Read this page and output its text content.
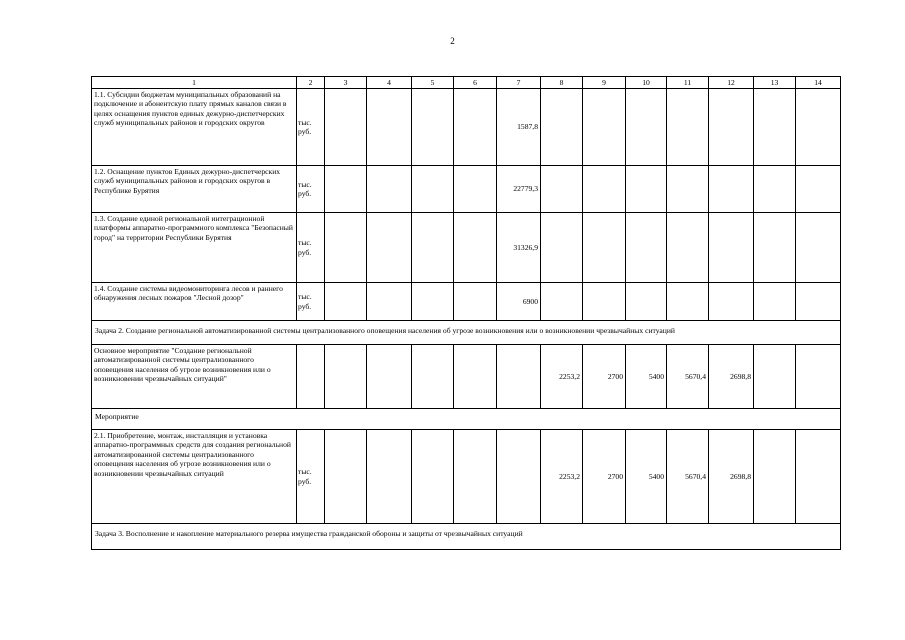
2
1	2	3	4	5	6	7	8	9	10	11	12	13	14
1.1. Субсидии бюджетам муниципальных образований на подключение и абонентскую плату прямых каналов связи в целях оснащения пунктов единых дежурно-диспетчерских служб муниципальных районов и городских округов	тыс. руб.					1587,8							
1.2. Оснащение пунктов Единых дежурно-диспетчерских служб муниципальных районов и городских округов в Республике Бурятия	тыс. руб.					22779,3							
1.3. Создание единой региональной интеграционной платформы аппаратно-программного комплекса "Безопасный город" на территории Республики Бурятия	тыс. руб.					31326,9							
1.4. Создание системы видеомониторинга лесов и раннего обнаружения лесных пожаров "Лесной дозор"	тыс. руб.					6900							
Задача 2. Создание региональной автоматизированной системы централизованного оповещения населения об угрозе возникновения или о возникновении чрезвычайных ситуаций													
Основное мероприятие "Создание региональной автоматизированной системы централизованного оповещения населения об угрозе возникновения или о возникновении чрезвычайных ситуаций"							2253,2	2700	5400	5670,4	2698,8		
Мероприятие													
2.1. Приобретение, монтаж, инсталляция и установка аппаратно-программных средств для создания региональной автоматизированной системы централизованного оповещения населения об угрозе возникновения или о возникновении чрезвычайных ситуаций	тыс. руб.						2253,2	2700	5400	5670,4	2698,8		
Задача 3. Восполнение и накопление материального резерва имущества гражданской обороны и защиты от чрезвычайных ситуаций													
